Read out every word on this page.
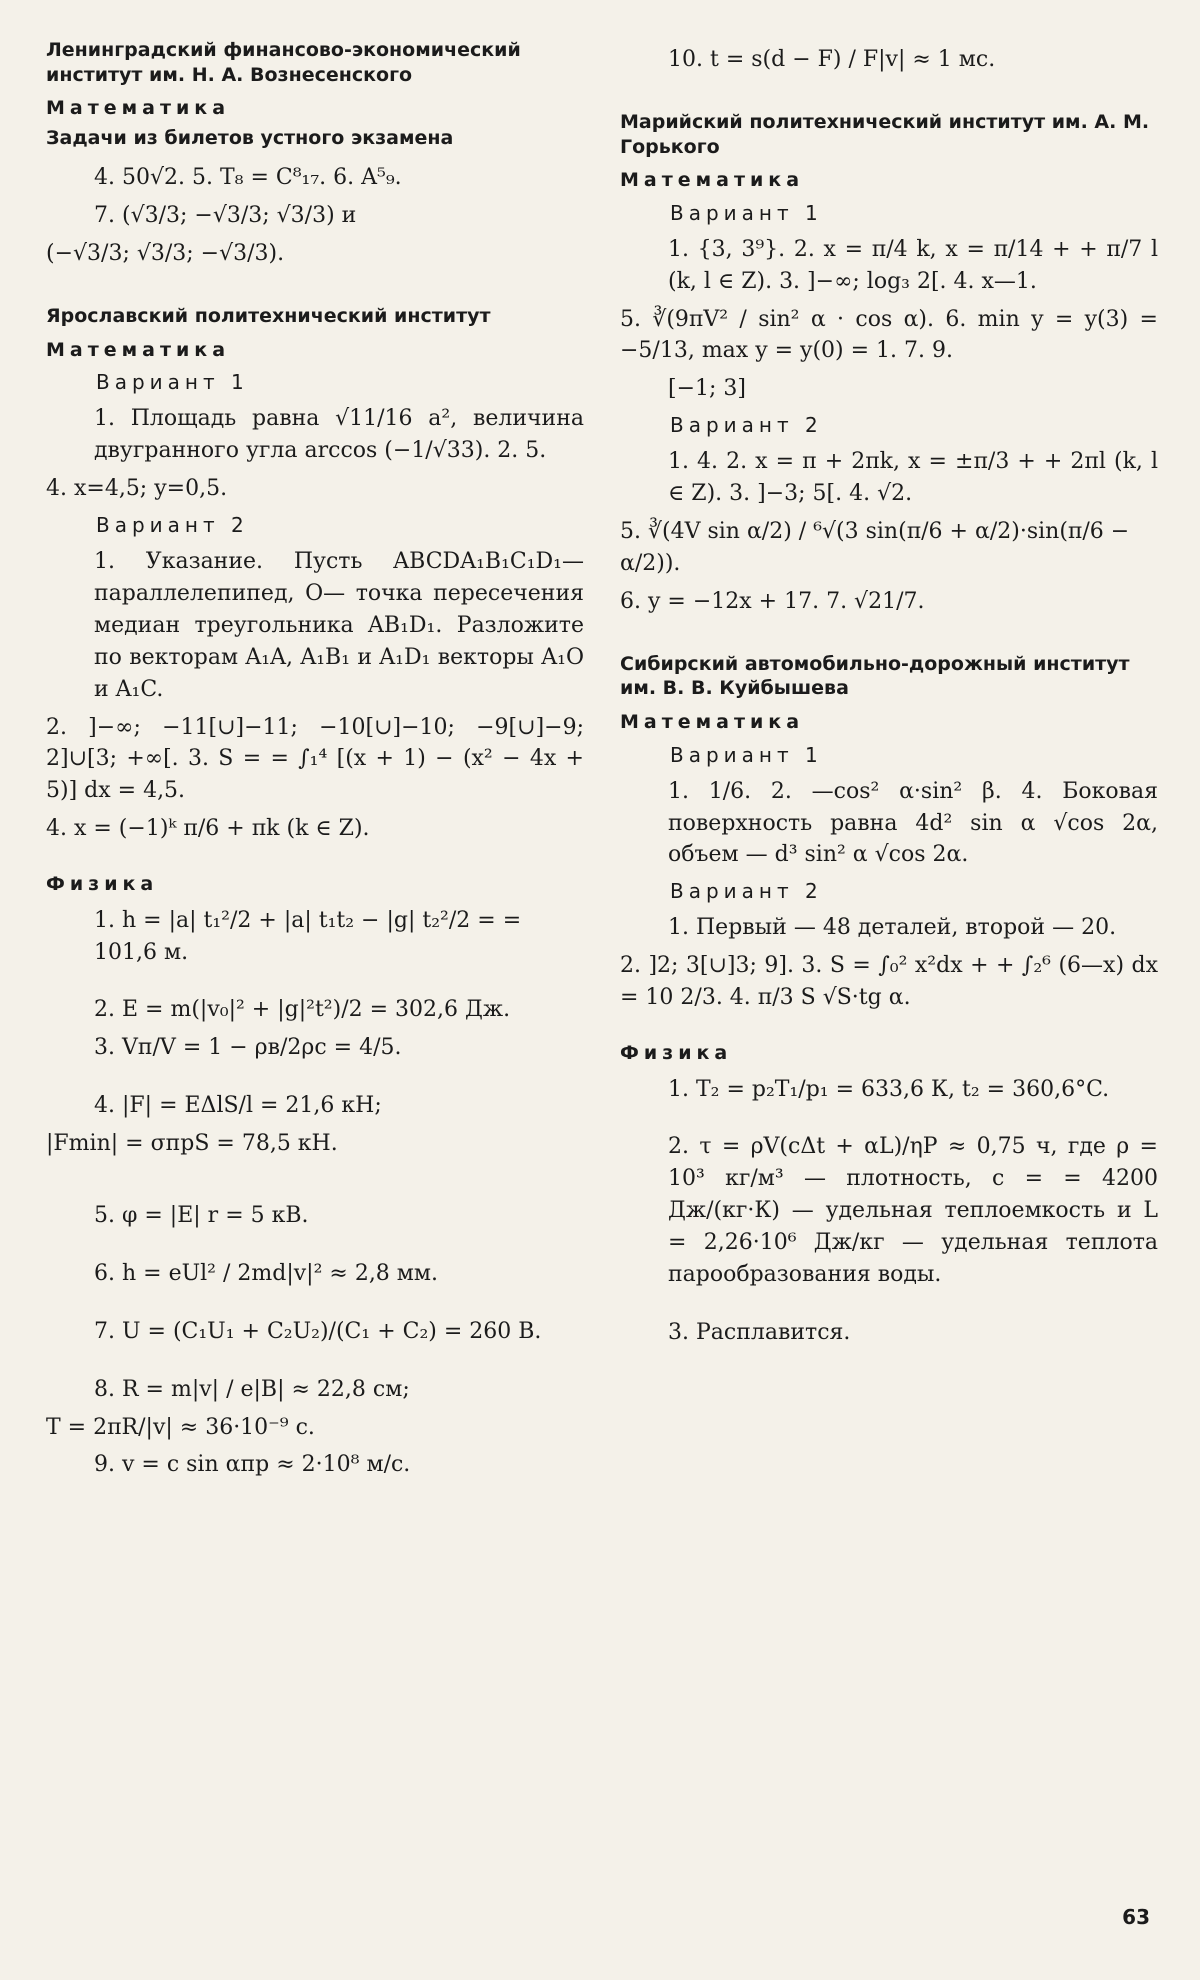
Ленинградский финансово-экономический институт им. Н. А. Вознесенского
Математика
Задачи из билетов устного экзамена
4. 50√2. 5. T₈ = C⁸₁₇. 6. A⁵₉.
7. (√3/3; −√3/3; √3/3) и
(−√3/3; √3/3; −√3/3).
Ярославский политехнический институт
Математика
Вариант 1
1. Площадь равна √11/16 a², величина двугранного угла arccos (−1/√33). 2. 5.
4. x=4,5; y=0,5.
Вариант 2
1. Указание. Пусть ABCDA₁B₁C₁D₁— параллелепипед, O— точка пересечения медиан треугольника AB₁D₁. Разложите по векторам A₁A, A₁B₁ и A₁D₁ векторы A₁O и A₁C.
2. ]−∞; −11[∪]−11; −10[∪]−10; −9[∪]−9; 2]∪[3; +∞[. 3. S = = ∫₁⁴ [(x + 1) − (x² − 4x + 5)] dx = 4,5.
4. x = (−1)ᵏ π/6 + πk (k ∈ Z).
Физика
1. h = |a| t₁²/2 + |a| t₁t₂ − |g| t₂²/2 = = 101,6 м.
2. E = m(|v₀|² + |g|²t²)/2 = 302,6 Дж.
3. Vп/V = 1 − ρв/2ρс = 4/5.
4. |F| = EΔlS/l = 21,6 кН;
|Fmin| = σпрS = 78,5 кН.
5. φ = |E| r = 5 кВ.
6. h = eUl² / 2md|v|² ≈ 2,8 мм.
7. U = (C₁U₁ + C₂U₂)/(C₁ + C₂) = 260 В.
8. R = m|v| / e|B| ≈ 22,8 см;
T = 2πR/|v| ≈ 36·10⁻⁹ с.
9. v = c sin αпр ≈ 2·10⁸ м/с.
10. t = s(d − F) / F|v| ≈ 1 мс.
Марийский политехнический институт им. А. М. Горького
Математика
Вариант 1
1. {3, 3⁹}. 2. x = π/4 k, x = π/14 + + π/7 l (k, l ∈ Z). 3. ]−∞; log₃ 2[. 4. x—1.
5. ∛(9πV² / sin² α · cos α). 6. min y = y(3) = −5/13, max y = y(0) = 1. 7. 9.
[−1; 3]
Вариант 2
1. 4. 2. x = π + 2πk, x = ±π/3 + + 2πl (k, l ∈ Z). 3. ]−3; 5[. 4. √2.
5. ∛(4V sin α/2) / ⁶√(3 sin(π/6 + α/2)·sin(π/6 − α/2)).
6. y = −12x + 17. 7. √21/7.
Сибирский автомобильно-дорожный институт им. В. В. Куйбышева
Математика
Вариант 1
1. 1/6. 2. —cos² α·sin² β. 4. Боковая поверхность равна 4d² sin α √cos 2α, объем — d³ sin² α √cos 2α.
Вариант 2
1. Первый — 48 деталей, второй — 20.
2. ]2; 3[∪]3; 9]. 3. S = ∫₀² x²dx + + ∫₂⁶ (6—x) dx = 10 2/3. 4. π/3 S √S·tg α.
Физика
1. T₂ = p₂T₁/p₁ = 633,6 К, t₂ = 360,6°C.
2. τ = ρV(cΔt + αL)/ηP ≈ 0,75 ч, где ρ = 10³ кг/м³ — плотность, c = = 4200 Дж/(кг·К) — удельная теплоемкость и L = 2,26·10⁶ Дж/кг — удельная теплота парообразования воды.
3. Расплавится.
63
